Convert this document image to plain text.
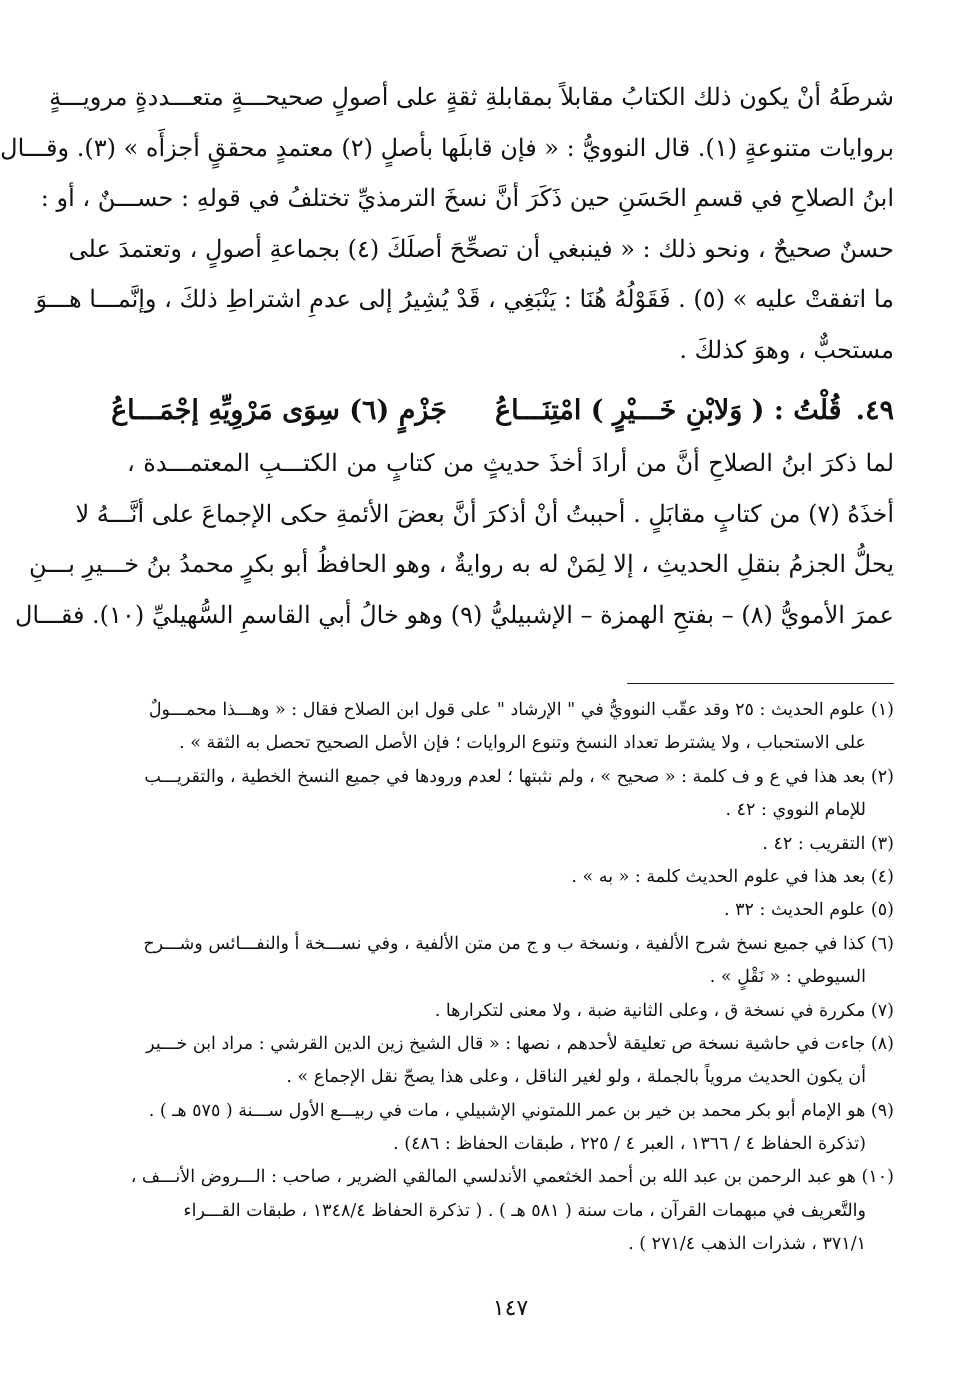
شرطَهُ أنْ يكون ذلك الكتابُ مقابلاً بمقابلةِ ثقةٍ على أصولٍ صحيحـــةٍ متعـــددةٍ مرويـــةٍ
بروايات متنوعةٍ (١). قال النوويُّ : « فإن قابلَها بأصلٍ (٢) معتمدٍ محققٍ أجزأَه » (٣). وقـــال
ابنُ الصلاحِ في قسمِ الحَسَنِ حين ذَكَرَ أنَّ نسخَ الترمذيِّ تختلفُ في قولهِ : حســـنٌ ، أو :
حسنٌ صحيحٌ ، ونحو ذلك : « فينبغي أن تصحِّحَ أصلَكَ (٤) بجماعةِ أصولٍ ، وتعتمدَ على
ما اتفقتْ عليه » (٥) . فَقَوْلُهُ هُنَا : يَنْبَغِي ، قَدْ يُشِيرُ إلى عدمِ اشتراطِ ذلكَ ، وإنَّمـــا هـــوَ
مستحبٌّ ، وهوَ كذلكَ .
٤٩.
قُلْتُ : ( وَلابْنِ خَـــيْرٍ ) امْتِنَـــاعُ
جَزْمٍ (٦) سِوَى مَرْوِيِّهِ إجْمَـــاعُ
لما ذكرَ ابنُ الصلاحِ أنَّ من أرادَ أخذَ حديثٍ من كتابٍ من الكتـــبِ المعتمـــدة ،
أخذَهُ (٧) من كتابٍ مقابَلٍ . أحببتُ أنْ أذكرَ أنَّ بعضَ الأئمةِ حكى الإجماعَ على أنَّـــهُ لا
يحلُّ الجزمُ بنقلِ الحديثِ ، إلا لِمَنْ له به روايةٌ ، وهو الحافظُ أبو بكرٍ محمدُ بنُ خـــيرِ بـــنِ
عمرَ الأمويُّ (٨) – بفتحِ الهمزة – الإشبيليُّ (٩) وهو خالُ أبي القاسمِ السُّهيليِّ (١٠). فقـــال
(١) علوم الحديث : ٢٥ وقد عقّب النوويُّ في " الإرشاد " على قول ابن الصلاح فقال : « وهـــذا محمـــولٌ
على الاستحباب ، ولا يشترط تعداد النسخ وتنوع الروايات ؛ فإن الأصل الصحيح تحصل به الثقة » .
(٢) بعد هذا في ع و ف كلمة : « صحيح » ، ولم نثبتها ؛ لعدم ورودها في جميع النسخ الخطية ، والتقريـــب
للإمام النووي : ٤٢ .
(٣) التقريب : ٤٢ .
(٤) بعد هذا في علوم الحديث كلمة : « به » .
(٥) علوم الحديث : ٣٢ .
(٦) كذا في جميع نسخ شرح الألفية ، ونسخة ب و ج من متن الألفية ، وفي نســـخة أ والنفـــائس وشـــرح
السيوطي : « نَقْلٍ » .
(٧) مكررة في نسخة ق ، وعلى الثانية ضبة ، ولا معنى لتكرارها .
(٨) جاءت في حاشية نسخة ص تعليقة لأحدهم ، نصها : « قال الشيخ زين الدين القرشي : مراد ابن خـــير
أن يكون الحديث مروياً بالجملة ، ولو لغير الناقل ، وعلى هذا يصحّ نقل الإجماع » .
(٩) هو الإمام أبو بكر محمد بن خير بن عمر اللمتوني الإشبيلي ، مات في ربيـــع الأول ســـنة ( ٥٧٥ هـ ) .
(تذكرة الحفاظ ٤ / ١٣٦٦ ، العبر ٤ / ٢٢٥ ، طبقات الحفاظ : ٤٨٦) .
(١٠) هو عبد الرحمن بن عبد الله بن أحمد الخثعمي الأندلسي المالقي الضرير ، صاحب : الـــروض الأنـــف ،
والتَّعريف في مبهمات القرآن ، مات سنة ( ٥٨١ هـ ) . ( تذكرة الحفاظ ١٣٤٨/٤ ، طبقات القـــراء
٣٧١/١ ، شذرات الذهب ٢٧١/٤ ) .
١٤٧
